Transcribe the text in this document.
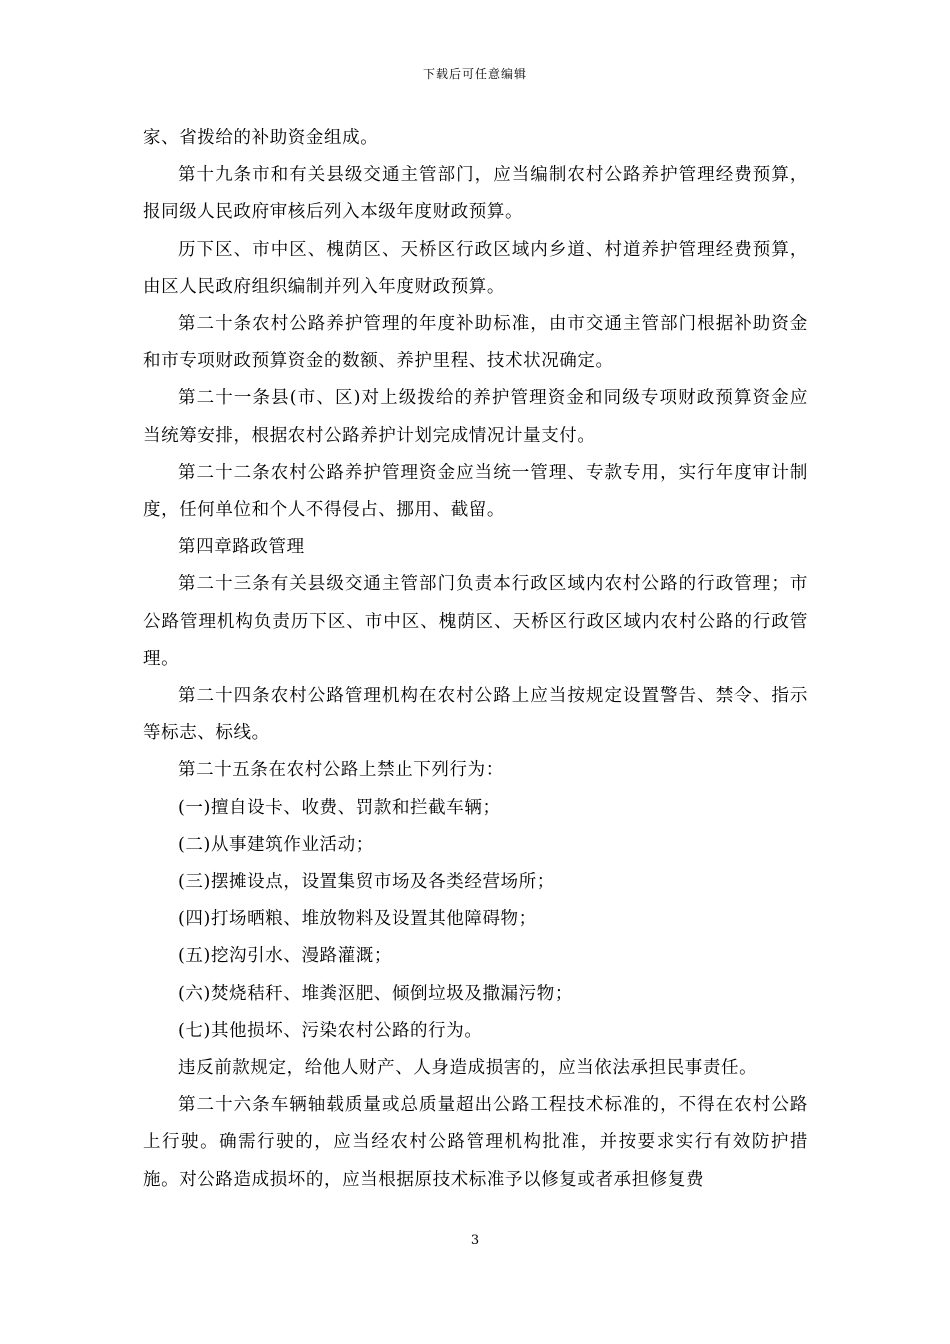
下载后可任意编辑

家、省拨给的补助资金组成。

第十九条市和有关县级交通主管部门，应当编制农村公路养护管理经费预算，报同级人民政府审核后列入本级年度财政预算。

历下区、市中区、槐荫区、天桥区行政区域内乡道、村道养护管理经费预算，由区人民政府组织编制并列入年度财政预算。

第二十条农村公路养护管理的年度补助标准，由市交通主管部门根据补助资金和市专项财政预算资金的数额、养护里程、技术状况确定。

第二十一条县(市、区)对上级拨给的养护管理资金和同级专项财政预算资金应当统筹安排，根据农村公路养护计划完成情况计量支付。

第二十二条农村公路养护管理资金应当统一管理、专款专用，实行年度审计制度，任何单位和个人不得侵占、挪用、截留。

第四章路政管理

第二十三条有关县级交通主管部门负责本行政区域内农村公路的行政管理；市公路管理机构负责历下区、市中区、槐荫区、天桥区行政区域内农村公路的行政管理。

第二十四条农村公路管理机构在农村公路上应当按规定设置警告、禁令、指示等标志、标线。

第二十五条在农村公路上禁止下列行为：

(一)擅自设卡、收费、罚款和拦截车辆；

(二)从事建筑作业活动；

(三)摆摊设点，设置集贸市场及各类经营场所；

(四)打场晒粮、堆放物料及设置其他障碍物；

(五)挖沟引水、漫路灌溉；

(六)焚烧秸秆、堆粪沤肥、倾倒垃圾及撒漏污物；

(七)其他损坏、污染农村公路的行为。

违反前款规定，给他人财产、人身造成损害的，应当依法承担民事责任。

第二十六条车辆轴载质量或总质量超出公路工程技术标准的，不得在农村公路上行驶。确需行驶的，应当经农村公路管理机构批准，并按要求实行有效防护措施。对公路造成损坏的，应当根据原技术标准予以修复或者承担修复费

3
